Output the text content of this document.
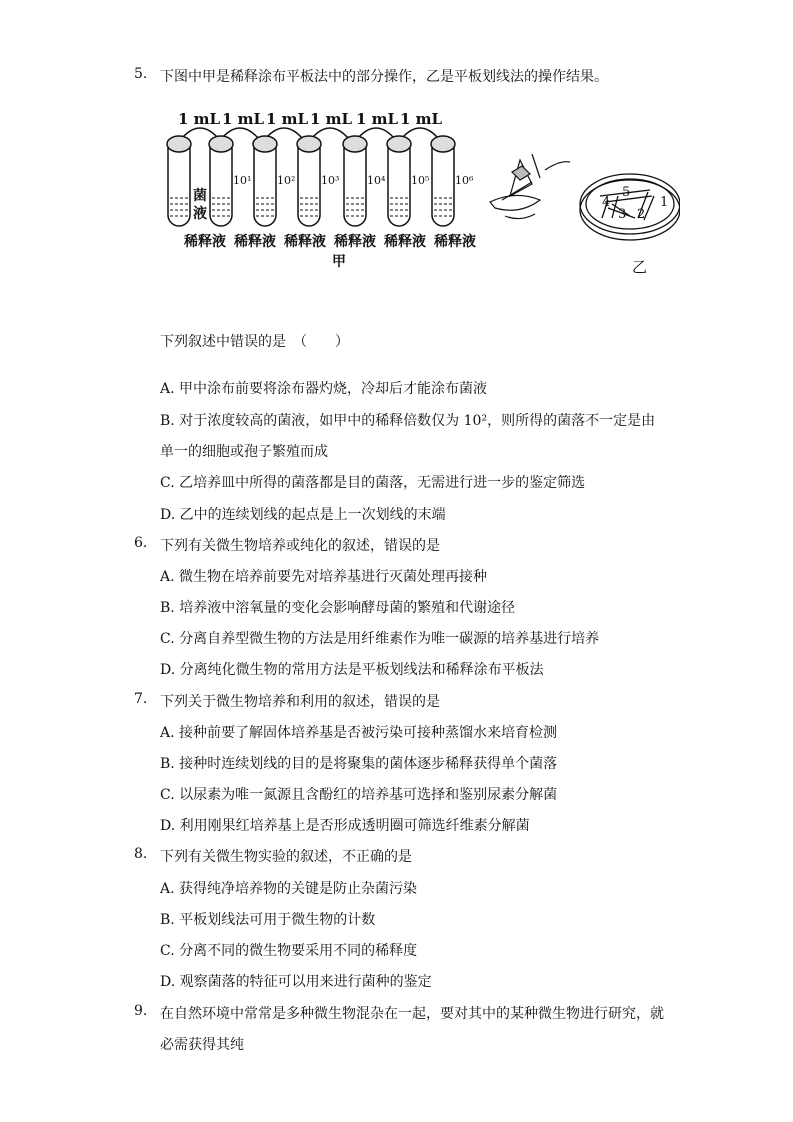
5. 下图中甲是稀释涂布平板法中的部分操作，乙是平板划线法的操作结果。
1 mL 1 mL 1 mL 1 mL 1 mL 1 mL
菌
液
10¹ 10² 10³	10⁴ 10⁵ 10⁶
稀释液 稀释液 稀释液 稀释液 稀释液 稀释液
甲
5
4
3 2
1
乙
下列叙述中错误的是　（　　）
A. 甲中涂布前要将涂布器灼烧，冷却后才能涂布菌液
B. 对于浓度较高的菌液，如甲中的稀释倍数仅为 10²，则所得的菌落不一定是由
单一的细胞或孢子繁殖而成
C. 乙培养皿中所得的菌落都是目的菌落，无需进行进一步的鉴定筛选
D. 乙中的连续划线的起点是上一次划线的末端
6. 下列有关微生物培养或纯化的叙述，错误的是
A. 微生物在培养前要先对培养基进行灭菌处理再接种
B. 培养液中溶氧量的变化会影响酵母菌的繁殖和代谢途径
C. 分离自养型微生物的方法是用纤维素作为唯一碳源的培养基进行培养
D. 分离纯化微生物的常用方法是平板划线法和稀释涂布平板法
7. 下列关于微生物培养和利用的叙述，错误的是
A. 接种前要了解固体培养基是否被污染可接种蒸馏水来培育检测
B. 接种时连续划线的目的是将聚集的菌体逐步稀释获得单个菌落
C. 以尿素为唯一氮源且含酚红的培养基可选择和鉴别尿素分解菌
D. 利用刚果红培养基上是否形成透明圈可筛选纤维素分解菌
8. 下列有关微生物实验的叙述，不正确的是
A. 获得纯净培养物的关键是防止杂菌污染
B. 平板划线法可用于微生物的计数
C. 分离不同的微生物要采用不同的稀释度
D. 观察菌落的特征可以用来进行菌种的鉴定
9. 在自然环境中常常是多种微生物混杂在一起，要对其中的某种微生物进行研究，就
必需获得其纯
